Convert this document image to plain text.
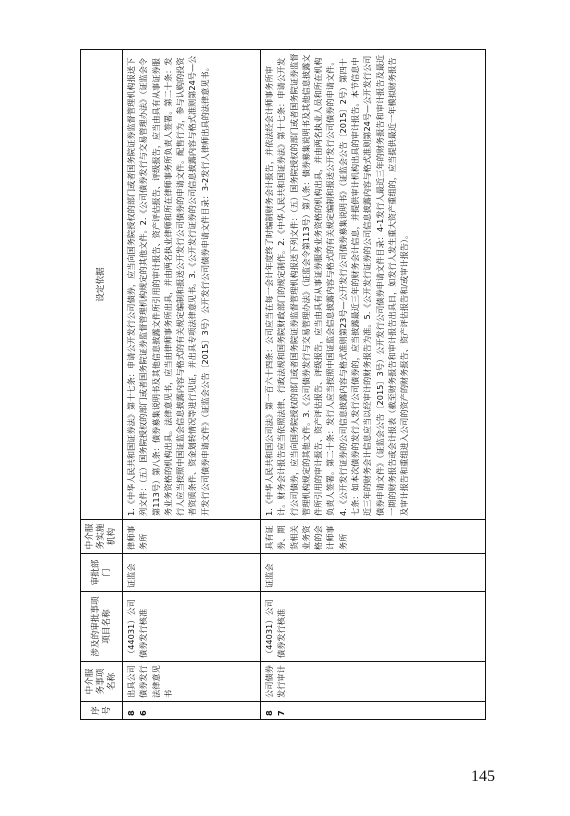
序号	中介服务事项名称	涉及的审批事项项目名称	审批部门	中介服务实施机构	设定依据
86	出具公司债券发行法律意见书	（44031）公司债券发行核准	证监会	律师事务所	1.《中华人民共和国证券法》第十七条：申请公开发行公司债券，应当向国务院授权的部门或者国务院证券监督管理机构报送下列文件：（五）国务院授权的部门或者国务院证券监督管理机构规定的其他文件。2.《公司债券发行与交易管理办法》（证监会令第113号）第八条：债券募集说明书及其他信息披露文件所引用的审计报告、资产评估报告、评级报告，应当由具有从事证券服务业务资格的机构出具。法律意见书，应当由律师事务所出具，并由两名执业律师和所在律师事务所负责人签署。第二十条：发行人应当按照中国证监会信息披露内容与格式的有关规定编制和报送公开发行公司债券的申请文件。配售行为，参与认购的投资者资质条件、资金划转情况等进行见证，并出具专项法律意见书。3.《公开发行证券的公司信息披露内容与格式准则第24号—公开发行公司债券申请文件》（证监会公告〔2015〕3号）公开发行公司债券申请文件目录：3-2发行人律师出具的法律意见书。
87	公司债券发行审计	（44031）公司债券发行核准	证监会	具有证券、期货相关业务资格的会计师事务所	1.《中华人民共和国公司法》第一百六十四条：公司应当在每一会计年度终了时编制财务会计报告，并依法经会计师事务所审计。财务会计报告应当依照法律、行政法规和国务院财政部门的规定制作。2.《中华人民共和国证券法》第十七条：申请公开发行公司债券，应当向国务院授权的部门或者国务院证券监督管理机构报送下列文件：（五）国务院授权的部门或者国务院证券监督管理机构规定的其他文件。3.《公司债券发行与交易管理办法》（证监会令第113号）第八条：债券募集说明书及其他信息披露文件所引用的审计报告、资产评估报告、评级报告，应当由具有从事证券服务业务资格的机构出具，并由两名执业人员和所在机构负责人签署。第二十条：发行人应当按照中国证监会信息披露内容与格式的有关规定编制和报送公开发行公司债券的申请文件。4.《公开发行证券的公司信息披露内容与格式准则第23号—公开发行公司债券募集说明书》（证监会公告〔2015〕2号）第四十七条：如本次债券的发行人发行公司债券的，应当披露最近三年的财务会计信息，并提供审计机构出具的审计报告。本节信息中近三年的财务会计信息应当以经审计的财务报告为准。5.《公开发行证券的公司信息披露内容与格式准则第24号—公开发行公司债券申请文件》（证监会公告〔2015〕3号）公开发行公司债券申请文件目录：4-1发行人最近三年的财务报告和审计报告及最近一期的财务报告或会计报表（截至财务报告和审计报告出具日，如发行人发生重大资产重组的，应当提供最近一年模拟财务报告及审计报告和重组进入公司的资产的财务报告、资产评估报告和/或审计报告）。
145
